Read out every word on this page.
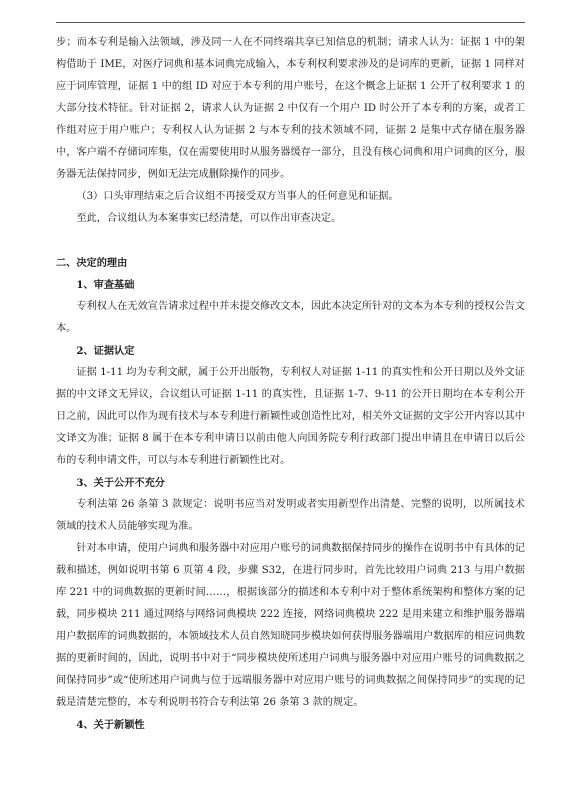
步；而本专利是输入法领域，涉及同一人在不同终端共享已知信息的机制；请求人认为：证据 1 中的架构借助于 IME，对医疗词典和基本词典完成输入，本专利权利要求涉及的是词库的更新，证据 1 同样对应于词库管理，证据 1 中的组 ID 对应于本专利的用户账号，在这个概念上证据 1 公开了权利要求 1 的大部分技术特征。针对证据 2，请求人认为证据 2 中仅有一个用户 ID 时公开了本专利的方案，或者工作组对应于用户账户；专利权人认为证据 2 与本专利的技术领域不同，证据 2 是集中式存储在服务器中，客户端不存储词库集，仅在需要使用时从服务器缓存一部分，且没有核心词典和用户词典的区分，服务器无法保持同步，例如无法完成删除操作的同步。

（3）口头审理结束之后合议组不再接受双方当事人的任何意见和证据。

至此，合议组认为本案事实已经清楚，可以作出审查决定。

二、决定的理由

1、审查基础

专利权人在无效宣告请求过程中并未提交修改文本，因此本决定所针对的文本为本专利的授权公告文本。

2、证据认定

证据 1-11 均为专利文献，属于公开出版物，专利权人对证据 1-11 的真实性和公开日期以及外文证据的中文译文无异议，合议组认可证据 1-11 的真实性，且证据 1-7、9-11 的公开日期均在本专利公开日之前，因此可以作为现有技术与本专利进行新颖性或创造性比对，相关外文证据的文字公开内容以其中文译文为准；证据 8 属于在本专利申请日以前由他人向国务院专利行政部门提出申请且在申请日以后公布的专利申请文件，可以与本专利进行新颖性比对。

3、关于公开不充分

专利法第 26 条第 3 款规定：说明书应当对发明或者实用新型作出清楚、完整的说明，以所属技术领域的技术人员能够实现为准。

针对本申请，使用户词典和服务器中对应用户账号的词典数据保持同步的操作在说明书中有具体的记载和描述，例如说明书第 6 页第 4 段，步骤 S32，在进行同步时，首先比较用户词典 213 与用户数据库 221 中的词典数据的更新时间……，根据该部分的描述和本专利中对于整体系统架构和整体方案的记载，同步模块 211 通过网络与网络词典模块 222 连接，网络词典模块 222 是用来建立和维护服务器端用户数据库的词典数据的，本领域技术人员自然知晓同步模块如何获得服务器端用户数据库的相应词典数据的更新时间的，因此，说明书中对于“同步模块使所述用户词典与服务器中对应用户账号的词典数据之间保持同步”或“使所述用户词典与位于远端服务器中对应用户账号的词典数据之间保持同步”的实现的记载是清楚完整的，本专利说明书符合专利法第 26 条第 3 款的规定。

4、关于新颖性
